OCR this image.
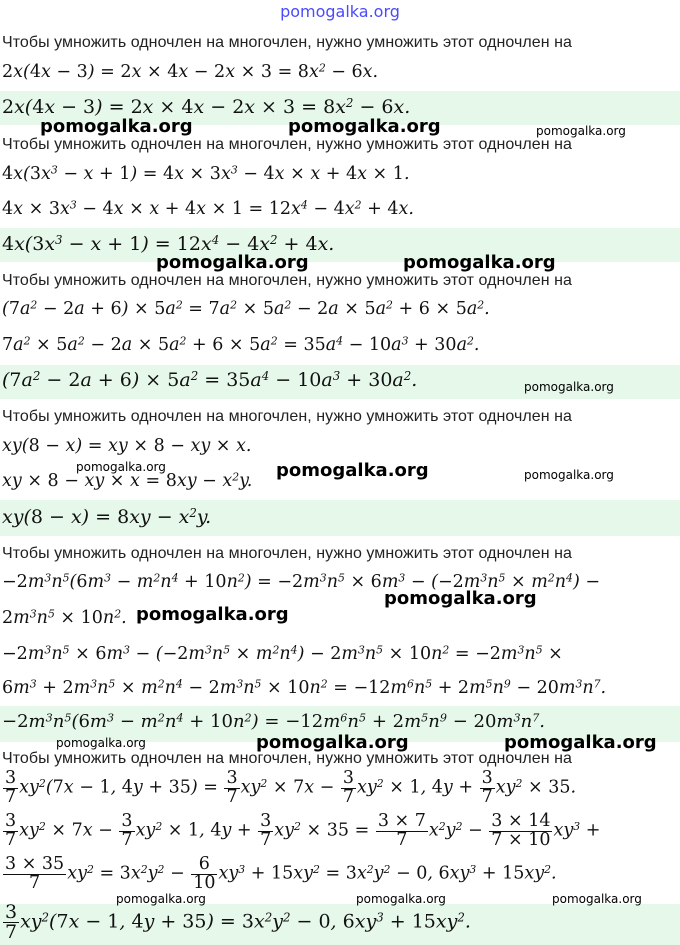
pomogalka.org
Чтобы умножить одночлен на многочлен, нужно умножить этот одночлен на
$2x(4x - 3) = 2x \times 4x - 2x \times 3 = 8x^2 - 6x$.
$2x(4x - 3) = 2x \times 4x - 2x \times 3 = 8x^2 - 6x$.
Чтобы умножить одночлен на многочлен, нужно умножить этот одночлен на
$4x(3x^3 - x + 1) = 4x \times 3x^3 - 4x \times x + 4x \times 1$.
$4x \times 3x^3 - 4x \times x + 4x \times 1 = 12x^4 - 4x^2 + 4x$.
$4x(3x^3 - x + 1) = 12x^4 - 4x^2 + 4x$.
Чтобы умножить одночлен на многочлен, нужно умножить этот одночлен на
$(7a^2 - 2a + 6) \times 5a^2 = 7a^2 \times 5a^2 - 2a \times 5a^2 + 6 \times 5a^2$.
$7a^2 \times 5a^2 - 2a \times 5a^2 + 6 \times 5a^2 = 35a^4 - 10a^3 + 30a^2$.
$(7a^2 - 2a + 6) \times 5a^2 = 35a^4 - 10a^3 + 30a^2$.
Чтобы умножить одночлен на многочлен, нужно умножить этот одночлен на
xy(8 − x) = xy × 8 − xy × x.
xy × 8 − xy × $x = 8xy - x^2y$.
$xy(8 - x) = 8xy - x^2y$.
Чтобы умножить одночлен на многочлен, нужно умножить этот одночлен на
$-2m^3n^5(6m^3 - m^2n^4 + 10n^2) = -2m^3n^5 \times 6m^3 - (-2m^3n^5 \times m^2n^4)$ −
$2m^3n^5 \times 10n^2$.
$-2m^3n^5 \times 6m^3 - (-2m^3n^5 \times m^2n^4) - 2m^3n^5 \times 10n^2 = -2m^3n^5$ ×
$6m^3 + 2m^3n^5 \times m^2n^4 - 2m^3n^5 \times 10n^2 = -12m^6n^5 + 2m^5n^9 - 20m^3n^7$.
$-2m^3n^5(6m^3 - m^2n^4 + 10n^2) = -12m^6n^5 + 2m^5n^9 - 20m^3n^7$.
Чтобы умножить одночлен на многочлен, нужно умножить этот одночлен на
$\frac{3}{7} xy^2(7x - 1$, $4y + 35) = \frac{3}{7} xy^2 \times 7x - \frac{3}{7} xy^2 \times 1$, $4y + \frac{3}{7} xy^2 \times 35$.
$\frac{3}{7} xy^2 \times 7x - \frac{3}{7} xy^2 \times 1$, $4y + \frac{3}{7} xy^2 \times 35 = \frac{3 \times 7}{7} x^2y^2 - \frac{3 \times 14}{7 \times 10} xy^3$ +
$\frac{3 \times 35}{7} xy^2 = 3x^2y^2 - \frac{6}{10} xy^3 + 15xy^2 = 3x^2y^2 - 0$, $6xy^3 + 15xy^2$.
$\frac{3}{7} xy^2(7x - 1$, $4y + 35) = 3x^2y^2 - 0$, $6xy^3 + 15xy^2$.
pomogalka.org	pomogalka.org	pomogalka.org
pomogalka.org	pomogalka.org
pomogalka.org
pomogalka.org	pomogalka.org	pomogalka.org
pomogalka.org
pomogalka.org
pomogalka.org	pomogalka.org	pomogalka.org
pomogalka.org	pomogalka.org	pomogalka.org
